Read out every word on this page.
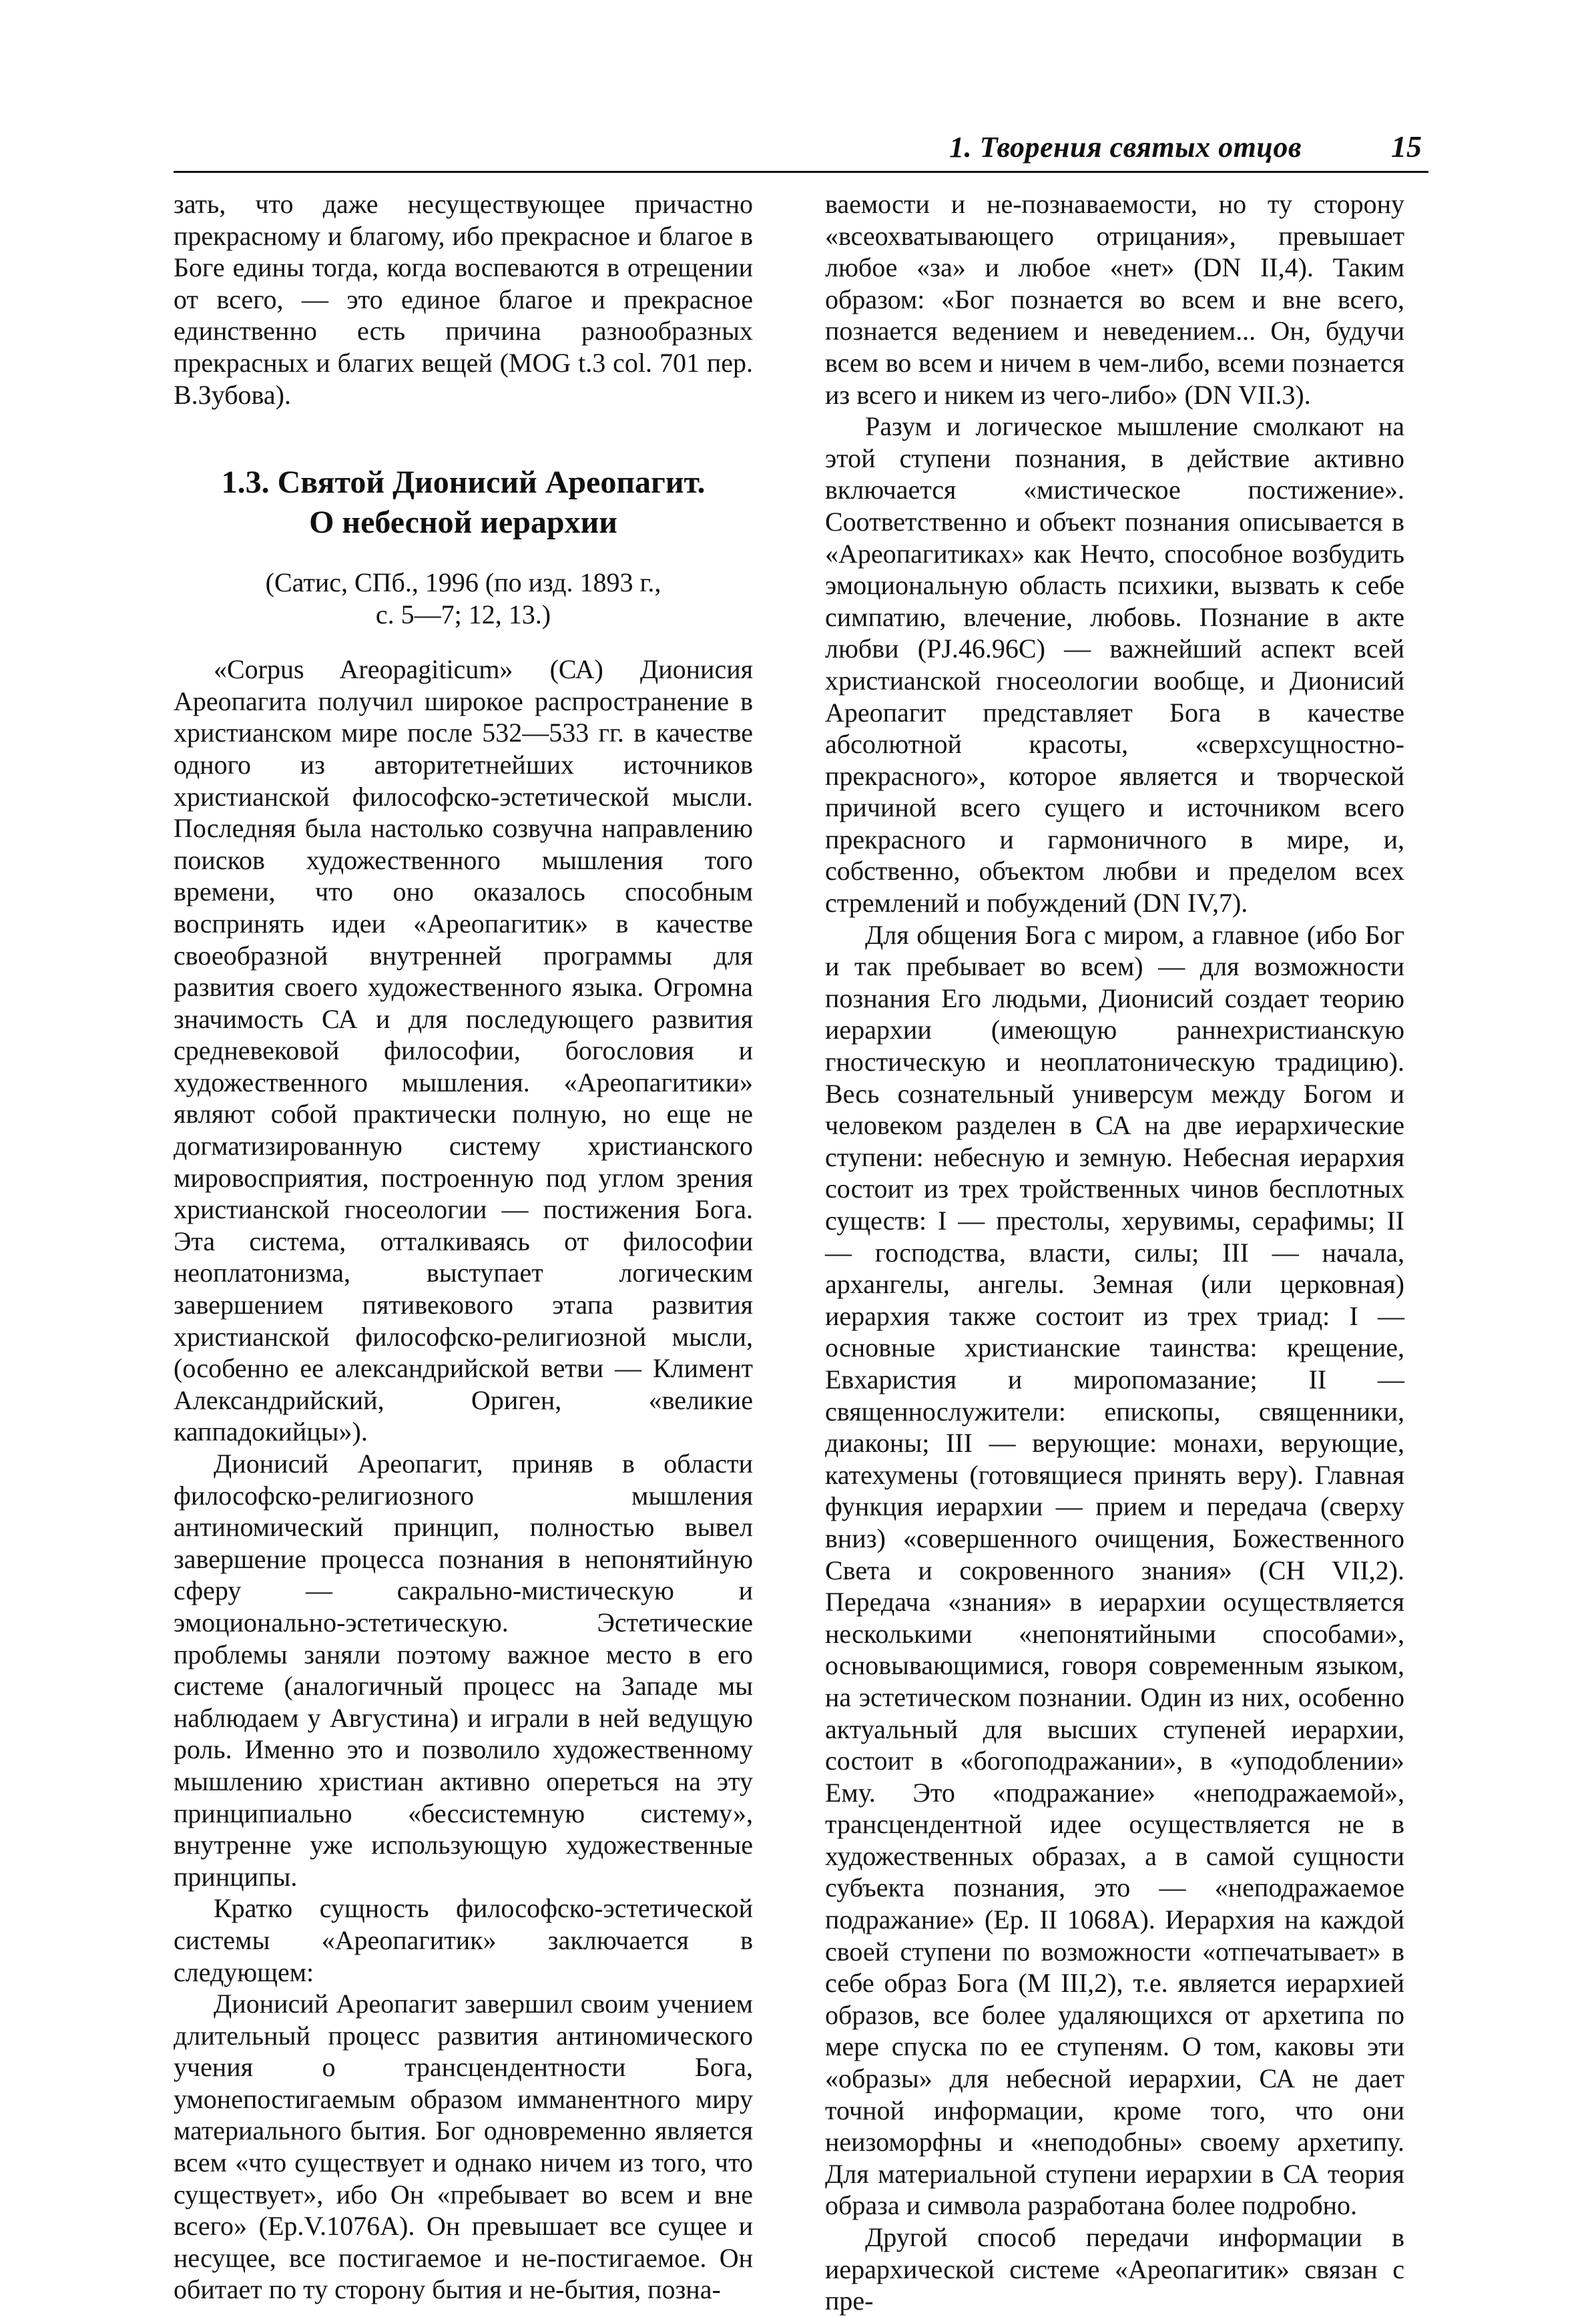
1. Творения святых отцов	15

зать, что даже несуществующее причастно прекрасному и благому, ибо прекрасное и благое в Боге едины тогда, когда воспеваются в отрещении от всего, — это единое благое и прекрасное единственно есть причина разнообразных прекрасных и благих вещей (MOG t.3 col. 701 пер. В.Зубова).

1.3. Святой Дионисий Ареопагит.
О небесной иерархии
(Сатис, СПб., 1996 (по изд. 1893 г.,
с. 5—7; 12, 13.)

«Corpus Areopagiticum» (СА) Дионисия Ареопагита получил широкое распространение в христианском мире после 532—533 гг. в качестве одного из авторитетнейших источников христианской философско-эстетической мысли. Последняя была настолько созвучна направлению поисков художественного мышления того времени, что оно оказалось способным воспринять идеи «Ареопагитик» в качестве своеобразной внутренней программы для развития своего художественного языка. Огромна значимость СА и для последующего развития средневековой философии, богословия и художественного мышления. «Ареопагитики» являют собой практически полную, но еще не догматизированную систему христианского мировосприятия, построенную под углом зрения христианской гносеологии — постижения Бога. Эта система, отталкиваясь от философии неоплатонизма, выступает логическим завершением пятивекового этапа развития христианской философско-религиозной мысли, (особенно ее александрийской ветви — Климент Александрийский, Ориген, «великие каппадокийцы»).

Дионисий Ареопагит, приняв в области философско-религиозного мышления антиномический принцип, полностью вывел завершение процесса познания в непонятийную сферу — сакрально-мистическую и эмоционально-эстетическую. Эстетические проблемы заняли поэтому важное место в его системе (аналогичный процесс на Западе мы наблюдаем у Августина) и играли в ней ведущую роль. Именно это и позволило художественному мышлению христиан активно опереться на эту принципиально «бессистемную систему», внутренне уже использующую художественные принципы.

Кратко сущность философско-эстетической системы «Ареопагитик» заключается в следующем:

Дионисий Ареопагит завершил своим учением длительный процесс развития антиномического учения о трансцендентности Бога, умонепостигаемым образом имманентного миру материального бытия. Бог одновременно является всем «что существует и однако ничем из того, что существует», ибо Он «пребывает во всем и вне всего» (Ep.V.1076A). Он превышает все сущее и несущее, все постигаемое и не-постигаемое. Он обитает по ту сторону бытия и не-бытия, позна-

ваемости и не-познаваемости, но ту сторону «всеохватывающего отрицания», превышает любое «за» и любое «нет» (DN II,4). Таким образом: «Бог познается во всем и вне всего, познается ведением и неведением... Он, будучи всем во всем и ничем в чем-либо, всеми познается из всего и никем из чего-либо» (DN VII.3).

Разум и логическое мышление смолкают на этой ступени познания, в действие активно включается «мистическое постижение». Соответственно и объект познания описывается в «Ареопагитиках» как Нечто, способное возбудить эмоциональную область психики, вызвать к себе симпатию, влечение, любовь. Познание в акте любви (PJ.46.96C) — важнейший аспект всей христианской гносеологии вообще, и Дионисий Ареопагит представляет Бога в качестве абсолютной красоты, «сверхсущностно-прекрасного», которое является и творческой причиной всего сущего и источником всего прекрасного и гармоничного в мире, и, собственно, объектом любви и пределом всех стремлений и побуждений (DN IV,7).

Для общения Бога с миром, а главное (ибо Бог и так пребывает во всем) — для возможности познания Его людьми, Дионисий создает теорию иерархии (имеющую раннехристианскую гностическую и неоплатоническую традицию). Весь сознательный универсум между Богом и человеком разделен в СА на две иерархические ступени: небесную и земную. Небесная иерархия состоит из трех тройственных чинов бесплотных существ: I — престолы, херувимы, серафимы; II — господства, власти, силы; III — начала, архангелы, ангелы. Земная (или церковная) иерархия также состоит из трех триад: I — основные христианские таинства: крещение, Евхаристия и миропомазание; II — священнослужители: епископы, священники, диаконы; III — верующие: монахи, верующие, катехумены (готовящиеся принять веру). Главная функция иерархии — прием и передача (сверху вниз) «совершенного очищения, Божественного Света и сокровенного знания» (CH VII,2). Передача «знания» в иерархии осуществляется несколькими «непонятийными способами», основывающимися, говоря современным языком, на эстетическом познании. Один из них, особенно актуальный для высших ступеней иерархии, состоит в «богоподражании», в «уподоблении» Ему. Это «подражание» «неподражаемой», трансцендентной идее осуществляется не в художественных образах, а в самой сущности субъекта познания, это — «неподражаемое подражание» (Ep. II 1068A). Иерархия на каждой своей ступени по возможности «отпечатывает» в себе образ Бога (M III,2), т.е. является иерархией образов, все более удаляющихся от архетипа по мере спуска по ее ступеням. О том, каковы эти «образы» для небесной иерархии, СА не дает точной информации, кроме того, что они неизоморфны и «неподобны» своему архетипу. Для материальной ступени иерархии в СА теория образа и символа разработана более подробно.

Другой способ передачи информации в иерархической системе «Ареопагитик» связан с пре-
